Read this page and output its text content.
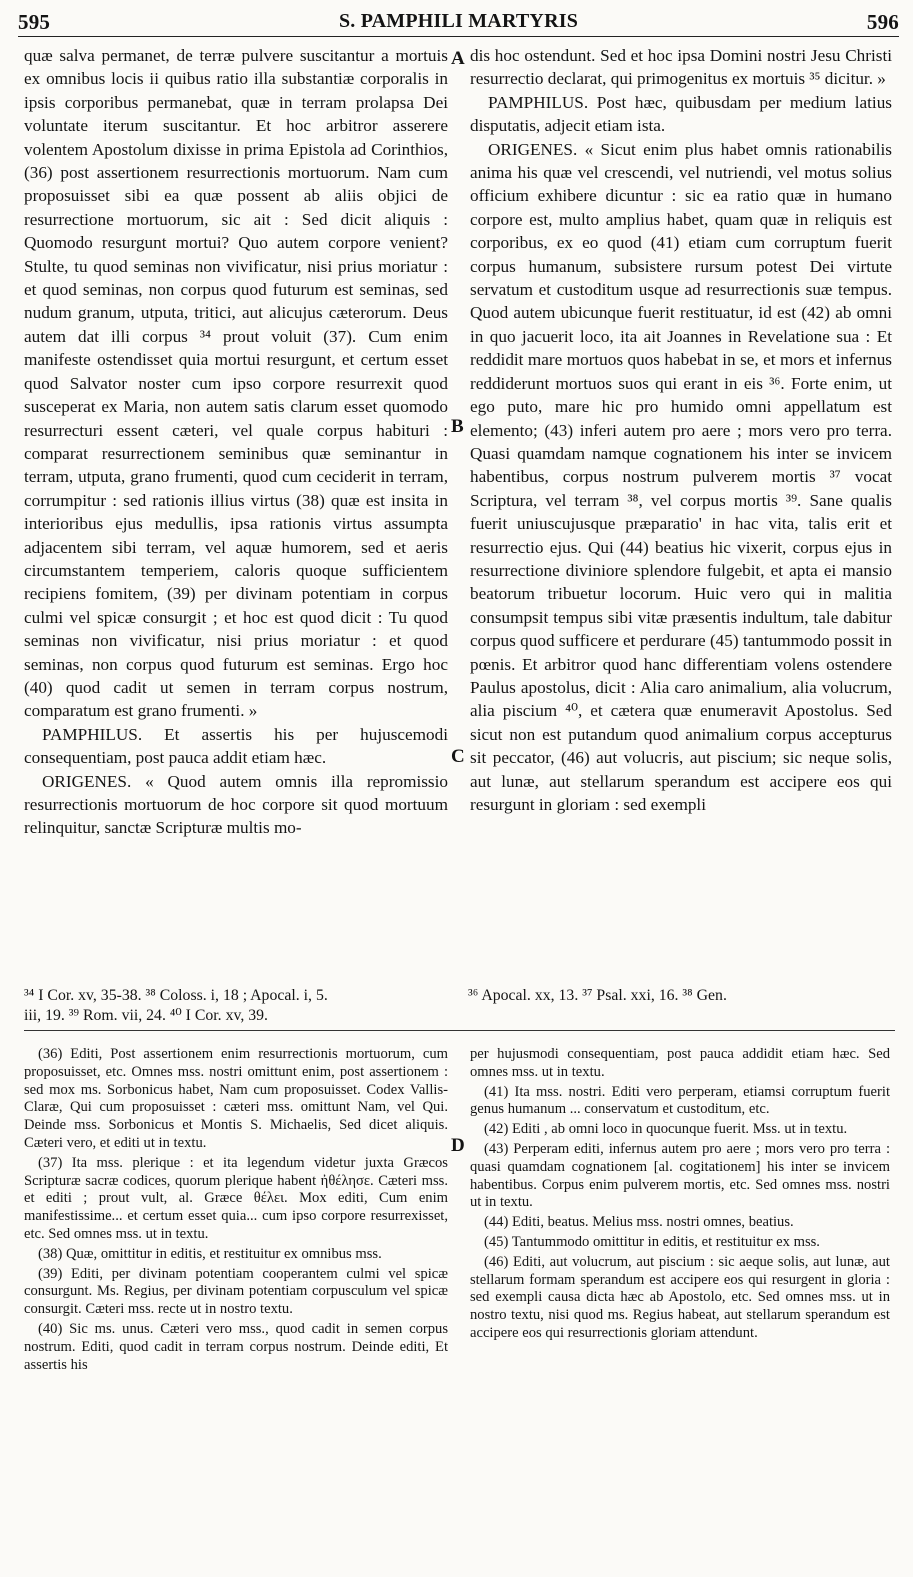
595	S. PAMPHILI MARTYRIS	596

quæ salva permanet, de terræ pulvere suscitantur a mortuis ex omnibus locis ii quibus ratio illa substantiæ corporalis in ipsis corporibus permanebat, quæ in terram prolapsa Dei voluntate iterum suscitantur. Et hoc arbitror asserere volentem Apostolum dixisse in prima Epistola ad Corinthios, (36) post assertionem resurrectionis mortuorum. Nam cum proposuisset sibi ea quæ possent ab aliis objici de resurrectione mortuorum, sic ait : Sed dicit aliquis : Quomodo resurgunt mortui? Quo autem corpore venient? Stulte, tu quod seminas non vivificatur, nisi prius moriatur : et quod seminas, non corpus quod futurum est seminas, sed nudum granum, utputa, tritici, aut alicujus cæterorum. Deus autem dat illi corpus ³⁴ prout voluit (37). Cum enim manifeste ostendisset quia mortui resurgunt, et certum esset quod Salvator noster cum ipso corpore resurrexit quod susceperat ex Maria, non autem satis clarum esset quomodo resurrecturi essent cæteri, vel quale corpus habituri : comparat resurrectionem seminibus quæ seminantur in terram, utputa, grano frumenti, quod cum ceciderit in terram, corrumpitur : sed rationis illius virtus (38) quæ est insita in interioribus ejus medullis, ipsa rationis virtus assumpta adjacentem sibi terram, vel aquæ humorem, sed et aeris circumstantem temperiem, caloris quoque sufficientem recipiens fomitem, (39) per divinam potentiam in corpus culmi vel spicæ consurgit ; et hoc est quod dicit : Tu quod seminas non vivificatur, nisi prius moriatur : et quod seminas, non corpus quod futurum est seminas. Ergo hoc (40) quod cadit ut semen in terram corpus nostrum, comparatum est grano frumenti. »

PAMPHILUS. Et assertis his per hujuscemodi consequentiam, post pauca addit etiam hæc.

ORIGENES. « Quod autem omnis illa repromissio resurrectionis mortuorum de hoc corpore sit quod mortuum relinquitur, sanctæ Scripturæ multis mo-

A
B
C
D

dis hoc ostendunt. Sed et hoc ipsa Domini nostri Jesu Christi resurrectio declarat, qui primogenitus ex mortuis ³⁵ dicitur. »

PAMPHILUS. Post hæc, quibusdam per medium latius disputatis, adjecit etiam ista.

ORIGENES. « Sicut enim plus habet omnis rationabilis anima his quæ vel crescendi, vel nutriendi, vel motus solius officium exhibere dicuntur : sic ea ratio quæ in humano corpore est, multo amplius habet, quam quæ in reliquis est corporibus, ex eo quod (41) etiam cum corruptum fuerit corpus humanum, subsistere rursum potest Dei virtute servatum et custoditum usque ad resurrectionis suæ tempus. Quod autem ubicunque fuerit restituatur, id est (42) ab omni in quo jacuerit loco, ita ait Joannes in Revelatione sua : Et reddidit mare mortuos quos habebat in se, et mors et infernus reddiderunt mortuos suos qui erant in eis ³⁶. Forte enim, ut ego puto, mare hic pro humido omni appellatum est elemento; (43) inferi autem pro aere ; mors vero pro terra. Quasi quamdam namque cognationem his inter se invicem habentibus, corpus nostrum pulverem mortis ³⁷ vocat Scriptura, vel terram ³⁸, vel corpus mortis ³⁹. Sane qualis fuerit uniuscujusque præparatio' in hac vita, talis erit et resurrectio ejus. Qui (44) beatius hic vixerit, corpus ejus in resurrectione diviniore splendore fulgebit, et apta ei mansio beatorum tribuetur locorum. Huic vero qui in malitia consumpsit tempus sibi vitæ præsentis indultum, tale dabitur corpus quod sufficere et perdurare (45) tantummodo possit in pœnis. Et arbitror quod hanc differentiam volens ostendere Paulus apostolus, dicit : Alia caro animalium, alia volucrum, alia piscium ⁴⁰, et cætera quæ enumeravit Apostolus. Sed sicut non est putandum quod animalium corpus accepturus sit peccator, (46) aut volucris, aut piscium; sic neque solis, aut lunæ, aut stellarum sperandum est accipere eos qui resurgunt in gloriam : sed exempli

³⁴ I Cor. xv, 35-38. ³⁸ Coloss. i, 18 ; Apocal. i, 5.
iii, 19. ³⁹ Rom. vii, 24. ⁴⁰ I Cor. xv, 39.
³⁶ Apocal. xx, 13. ³⁷ Psal. xxi, 16. ³⁸ Gen.

(36) Editi, Post assertionem enim resurrectionis mortuorum, cum proposuisset, etc. Omnes mss. nostri omittunt enim, post assertionem : sed mox ms. Sorbonicus habet, Nam cum proposuisset. Codex Vallis-Claræ, Qui cum proposuisset : cæteri mss. omittunt Nam, vel Qui. Deinde mss. Sorbonicus et Montis S. Michaelis, Sed dicet aliquis. Cæteri vero, et editi ut in textu.

(37) Ita mss. plerique : et ita legendum videtur juxta Græcos Scripturæ sacræ codices, quorum plerique habent ἠθέλησε. Cæteri mss. et editi ; prout vult, al. Græce θέλει. Mox editi, Cum enim manifestissime... et certum esset quia... cum ipso corpore resurrexisset, etc. Sed omnes mss. ut in textu.

(38) Quæ, omittitur in editis, et restituitur ex omnibus mss.

(39) Editi, per divinam potentiam cooperantem culmi vel spicæ consurgunt. Ms. Regius, per divinam potentiam corpusculum vel spicæ consurgit. Cæteri mss. recte ut in nostro textu.

(40) Sic ms. unus. Cæteri vero mss., quod cadit in semen corpus nostrum. Editi, quod cadit in terram corpus nostrum. Deinde editi, Et assertis his

per hujusmodi consequentiam, post pauca addidit etiam hæc. Sed omnes mss. ut in textu.

(41) Ita mss. nostri. Editi vero perperam, etiamsi corruptum fuerit genus humanum ... conservatum et custoditum, etc.

(42) Editi , ab omni loco in quocunque fuerit. Mss. ut in textu.

(43) Perperam editi, infernus autem pro aere ; mors vero pro terra : quasi quamdam cognationem [al. cogitationem] his inter se invicem habentibus. Corpus enim pulverem mortis, etc. Sed omnes mss. nostri ut in textu.

(44) Editi, beatus. Melius mss. nostri omnes, beatius.

(45) Tantummodo omittitur in editis, et restituitur ex mss.

(46) Editi, aut volucrum, aut piscium : sic aeque solis, aut lunæ, aut stellarum formam sperandum est accipere eos qui resurgent in gloria : sed exempli causa dicta hæc ab Apostolo, etc. Sed omnes mss. ut in nostro textu, nisi quod ms. Regius habeat, aut stellarum sperandum est accipere eos qui resurrectionis gloriam attendunt.
